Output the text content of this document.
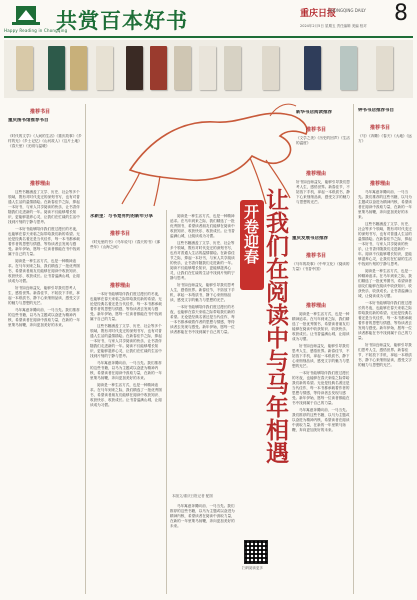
Happy Reading in Chongqing
共赏百本好书	重庆日报
CHONGQING DAILY 8
2024年2月5日 星期五 责任编辑 美编 校对
开卷迎春 让我们在阅读中与马年相遇
推荐书目
重庆图书馆推荐书目
《时代的文学》《人间的生活》《重庆故事》《乡村的光》《乡土记忆》《山河故人》《这片土地》《春天里》《光明与温暖》
推荐理由

这些书籍涵盖了文学、历史、社会等多个领域，既有对时代变迁的深刻书写，也有对普通人生活的温情描绘。在新春佳节之际，捧起一本好书，与家人共享阅读的快乐，让书香伴随我们走进新的一年。阅读不仅能够增长知识，更能够滋养心灵，让我们在忙碌的生活中找到片刻的宁静与思考。

一本好书能够陪伴我们度过漫长的冬夜，也能够在春天来临之际带给我们新的希望。无论是经典名著还是当代佳作，每一本书都承载着作者的思想与情感，等待读者去发现与感受。新年伊始，愿每一位读者都能在书中找到属于自己的力量。

阅读是一种生活方式，也是一种精神追求。在马年到来之际，我们精选了一批优秀图书，希望读者朋友们能够在阅读中收获知识、收获快乐、收获成长。让书香溢满山城，让阅读成为习惯。

好书如良师益友，能够引导我们思考人生，感悟世界。新春佳节，不妨放下手机，拿起一本纸质书，静下心来细细品读，感受文字的魅力与思想的光芒。

马年寓意奔腾向前、一马当先。我们推荐的这些书籍，以马为主题或以奋进为精神内核，希望读者在阅读中汲取力量，在新的一年里策马扬鞭，奔向更加美好的未来。

永新里：与书宽有约的新年分享
推荐书目
《时光里的书》《马年说马》《春天的书》《那些年》《山海之间》
推荐理由

一本好书能够陪伴我们度过漫长的冬夜，也能够在春天来临之际带给我们新的希望。无论是经典名著还是当代佳作，每一本书都承载着作者的思想与情感，等待读者去发现与感受。新年伊始，愿每一位读者都能在书中找到属于自己的力量。

这些书籍涵盖了文学、历史、社会等多个领域，既有对时代变迁的深刻书写，也有对普通人生活的温情描绘。在新春佳节之际，捧起一本好书，与家人共享阅读的快乐，让书香伴随我们走进新的一年。阅读不仅能够增长知识，更能够滋养心灵，让我们在忙碌的生活中找到片刻的宁静与思考。

马年寓意奔腾向前、一马当先。我们推荐的这些书籍，以马为主题或以奋进为精神内核，希望读者在阅读中汲取力量，在新的一年里策马扬鞭，奔向更加美好的未来。

阅读是一种生活方式，也是一种精神追求。在马年到来之际，我们精选了一批优秀图书，希望读者朋友们能够在阅读中收获知识、收获快乐、收获成长。让书香溢满山城，让阅读成为习惯。

阅读是一种生活方式，也是一种精神追求。在马年到来之际，我们精选了一批优秀图书，希望读者朋友们能够在阅读中收获知识、收获快乐、收获成长。让书香溢满山城，让阅读成为习惯。

这些书籍涵盖了文学、历史、社会等多个领域，既有对时代变迁的深刻书写，也有对普通人生活的温情描绘。在新春佳节之际，捧起一本好书，与家人共享阅读的快乐，让书香伴随我们走进新的一年。阅读不仅能够增长知识，更能够滋养心灵，让我们在忙碌的生活中找到片刻的宁静与思考。

好书如良师益友，能够引导我们思考人生，感悟世界。新春佳节，不妨放下手机，拿起一本纸质书，静下心来细细品读，感受文字的魅力与思想的光芒。

一本好书能够陪伴我们度过漫长的冬夜，也能够在春天来临之际带给我们新的希望。无论是经典名著还是当代佳作，每一本书都承载着作者的思想与情感，等待读者去发现与感受。新年伊始，愿每一位读者都能在书中找到属于自己的力量。

本版文/重庆日报记者 配图

马年寓意奔腾向前、一马当先。我们推荐的这些书籍，以马为主题或以奋进为精神内核，希望读者在阅读中汲取力量，在新的一年里策马扬鞭，奔向更加美好的未来。

扫码阅读更多
重庆发展书店推荐
推荐书目
《马年的故事》《中华文化》《阅读的力量》《书香中国》
推荐理由

阅读是一种生活方式，也是一种精神追求。在马年到来之际，我们精选了一批优秀图书，希望读者朋友们能够在阅读中收获知识、收获快乐、收获成长。让书香溢满山城，让阅读成为习惯。

好书如良师益友，能够引导我们思考人生，感悟世界。新春佳节，不妨放下手机，拿起一本纸质书，静下心来细细品读，感受文字的魅力与思想的光芒。

一本好书能够陪伴我们度过漫长的冬夜，也能够在春天来临之际带给我们新的希望。无论是经典名著还是当代佳作，每一本书都承载着作者的思想与情感，等待读者去发现与感受。新年伊始，愿每一位读者都能在书中找到属于自己的力量。

马年寓意奔腾向前、一马当先。我们推荐的这些书籍，以马为主题或以奋进为精神内核，希望读者在阅读中汲取力量，在新的一年里策马扬鞭，奔向更加美好的未来。

新华书店阅读推荐
推荐书目
《文学之美》《历史的回声》《生活的温度》
推荐理由
好书如良师益友，能够引导我们思考人生，感悟世界。新春佳节，不妨放下手机，拿起一本纸质书，静下心来细细品读，感受文字的魅力与思想的光芒。
钟书书店推荐书目
推荐书目
《马》《奔腾》《春天》《大地》《远方》
推荐理由

马年寓意奔腾向前、一马当先。我们推荐的这些书籍，以马为主题或以奋进为精神内核，希望读者在阅读中汲取力量，在新的一年里策马扬鞭，奔向更加美好的未来。

这些书籍涵盖了文学、历史、社会等多个领域，既有对时代变迁的深刻书写，也有对普通人生活的温情描绘。在新春佳节之际，捧起一本好书，与家人共享阅读的快乐，让书香伴随我们走进新的一年。阅读不仅能够增长知识，更能够滋养心灵，让我们在忙碌的生活中找到片刻的宁静与思考。

阅读是一种生活方式，也是一种精神追求。在马年到来之际，我们精选了一批优秀图书，希望读者朋友们能够在阅读中收获知识、收获快乐、收获成长。让书香溢满山城，让阅读成为习惯。

一本好书能够陪伴我们度过漫长的冬夜，也能够在春天来临之际带给我们新的希望。无论是经典名著还是当代佳作，每一本书都承载着作者的思想与情感，等待读者去发现与感受。新年伊始，愿每一位读者都能在书中找到属于自己的力量。

好书如良师益友，能够引导我们思考人生，感悟世界。新春佳节，不妨放下手机，拿起一本纸质书，静下心来细细品读，感受文字的魅力与思想的光芒。
